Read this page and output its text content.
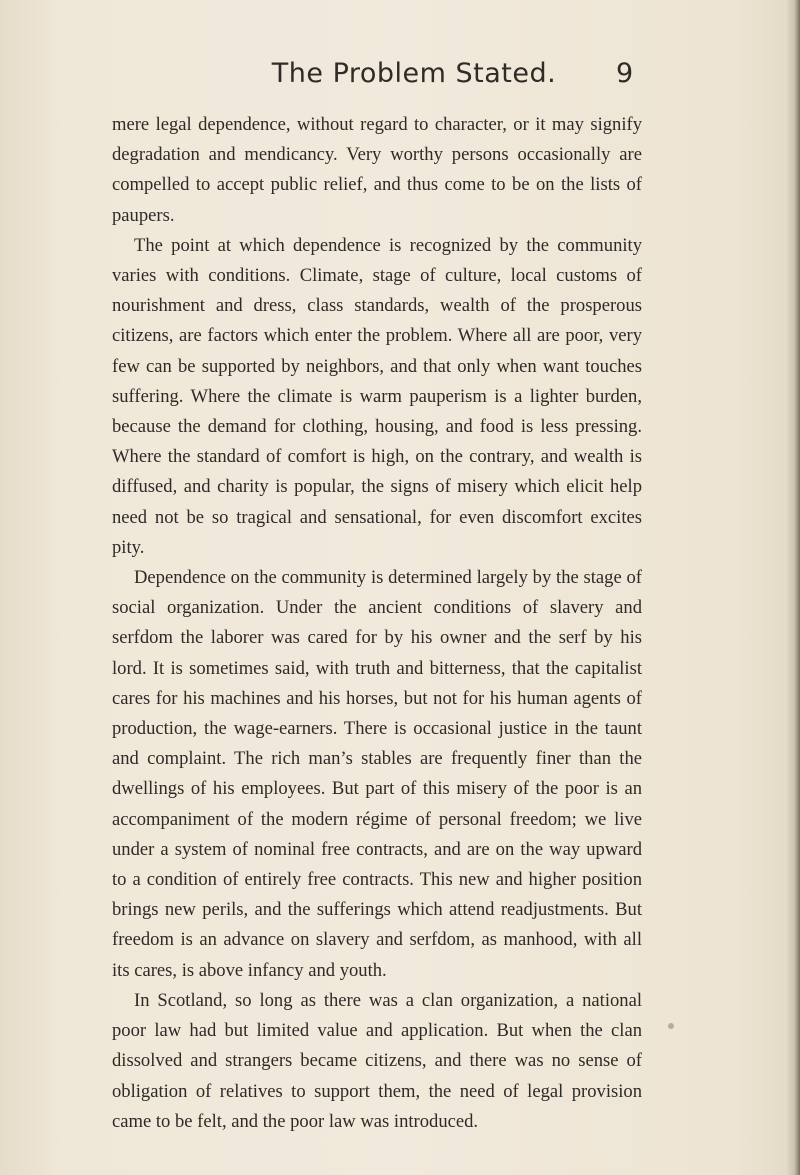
The Problem Stated.	9

mere legal dependence, without regard to character, or it may signify degradation and mendicancy. Very worthy persons occasionally are compelled to accept public relief, and thus come to be on the lists of paupers.

The point at which dependence is recognized by the community varies with conditions. Climate, stage of culture, local customs of nourishment and dress, class standards, wealth of the prosperous citizens, are factors which enter the problem. Where all are poor, very few can be supported by neighbors, and that only when want touches suffering. Where the climate is warm pauperism is a lighter burden, because the demand for clothing, housing, and food is less pressing. Where the standard of comfort is high, on the contrary, and wealth is diffused, and charity is popular, the signs of misery which elicit help need not be so tragical and sensational, for even discomfort excites pity.

Dependence on the community is determined largely by the stage of social organization. Under the ancient conditions of slavery and serfdom the laborer was cared for by his owner and the serf by his lord. It is sometimes said, with truth and bitterness, that the capitalist cares for his machines and his horses, but not for his human agents of production, the wage-earners. There is occasional justice in the taunt and complaint. The rich man’s stables are frequently finer than the dwellings of his employees. But part of this misery of the poor is an accompaniment of the modern régime of personal freedom; we live under a system of nominal free contracts, and are on the way upward to a condition of entirely free contracts. This new and higher position brings new perils, and the sufferings which attend readjustments. But freedom is an advance on slavery and serfdom, as manhood, with all its cares, is above infancy and youth.

In Scotland, so long as there was a clan organization, a national poor law had but limited value and application. But when the clan dissolved and strangers became citizens, and there was no sense of obligation of relatives to support them, the need of legal provision came to be felt, and the poor law was introduced.
